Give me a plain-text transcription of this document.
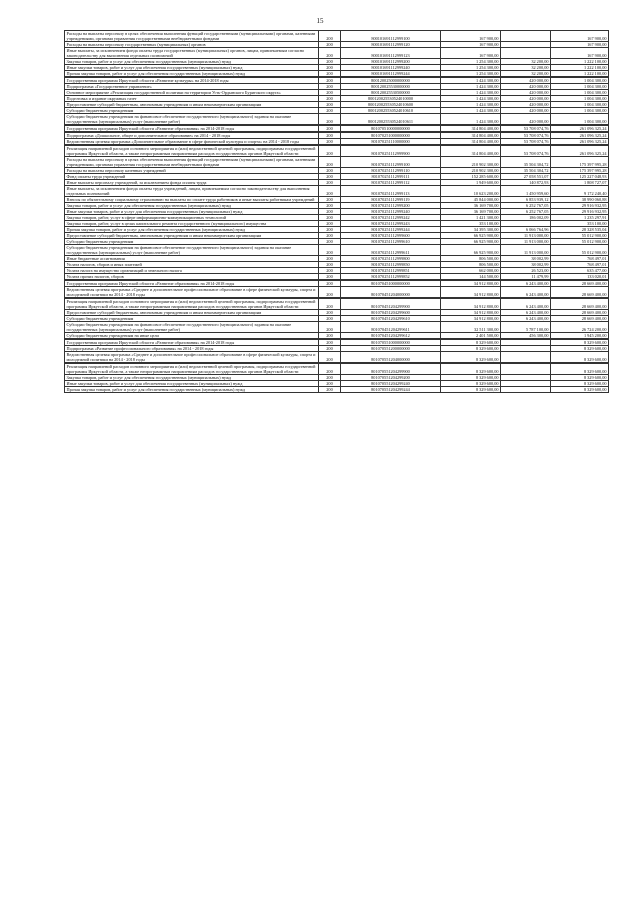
15
Расходы на выплаты персоналу в целях обеспечения выполнения функций государственными (муниципальными) органами, казенными учреждениями, органами управления государственными внебюджетными фондами	200	800101691112999100	167 900,00		167 900,00
Расходы на выплаты персоналу государственных (муниципальных) органов	200	800101691112999120	167 900,00		167 900,00
Иные выплаты, за исключением фонда оплаты труда государственных (муниципальных) органов, лицам, привлекаемым согласно законодательству для выполнения отдельных полномочий	200	800101691112999123	167 900,00		167 900,00
Закупка товаров, работ и услуг для обеспечения государственных (муниципальных) нужд	200	800101691112999200	1 254 300,00	32 200,00	1 222 100,00
Иные закупки товаров, работ и услуг для обеспечения государственных (муниципальных) нужд	200	800101691112999240	1 254 300,00	32 200,00	1 222 100,00
Прочая закупка товаров, работ и услуг для обеспечения государственных (муниципальных) нужд	200	800101691112999244	1 254 300,00	32 200,00	1 222 100,00

Государственная программа Иркутской области «Развитие культуры» на 2014-2018 годы	200	800120025000000000	1 424 300,00	420 000,00	1 004 300,00
Подпрограмма «Государственное управление»	200	800120025530000000	1 424 300,00	420 000,00	1 004 300,00
Основное мероприятие «Реализация государственной политики на территории Усть-Ордынского Бурятского округа»	200	800120025530500000	1 424 300,00	420 000,00	1 004 300,00
Подготовка и издание окружных газет	200	800120025530524010000	1 424 300,00	420 000,00	1 004 300,00
Предоставление субсидий бюджетным, автономным учреждениям и иным некоммерческим организациям	200	800120025530524010600	1 424 300,00	420 000,00	1 004 300,00
Субсидии бюджетным учреждениям	200	800120025530524010610	1 424 300,00	420 000,00	1 004 300,00
Субсидии бюджетным учреждениям на финансовое обеспечение государственного (муниципального) задания на оказание государственных (муниципальных) услуг (выполнение работ)	200	800120025530524010611	1 424 300,00	420 000,00	1 004 300,00

Государственная программа Иркутской области «Развитие образования» на 2014-2018 годы	200	801070510000000000	314 804 400,00	53 708 074,76	261 096 325,24

Подпрограмма «Дошкольное, общее и дополнительное образование» на 2014 - 2018 годы	200	801070251000000000	314 804 400,00	53 708 074,76	261 096 325,24
Ведомственная целевая программа «Дополнительное образование в сфере физической культуры и спорта» на 2014 - 2018 годы	200	801070251110000000	314 804 400,00	53 708 074,76	261 096 325,24

Реализация направлений расходов основного мероприятия и (или) ведомственной целевой программы, подпрограммы государственной программы Иркутской области, а также непрограммным направлениям расходов государственных органов Иркутской области	200	801070251112999900	314 804 400,00	53 708 074,76	261 096 325,24
Расходы на выплаты персоналу в целях обеспечения выполнения функций государственными (муниципальными) органами, казенными учреждениями, органами управления государственными внебюджетными фондами	200	801070251112999100	210 902 300,00	35 504 304,72	175 397 995,28
Расходы на выплаты персоналу казенных учреждений	200	801070251112999110	210 902 300,00	35 504 304,72	175 397 995,28
Фонд оплаты труда учреждений	200	801070251112999111	152 285 600,00	27 058 551,07	125 227 048,93
Иные выплаты персоналу учреждений, за исключением фонда оплаты труда	200	801070251112999112	1 949 600,00	140 872,93	1 808 727,07
Иные выплаты, за исключением фонда оплаты труда учреждений, лицам, привлекаемым согласно законодательству для выполнения отдельных полномочий	200	801070251112999113	10 623 200,00	1 450 959,60	9 172 240,40
Взносы по обязательному социальному страхованию на выплаты по оплате труда работников и иные выплаты работникам учреждений	200	801070251112999119	45 844 000,00	6 853 939,12	38 990 060,88
Закупка товаров, работ и услуг для обеспечения государственных (муниципальных) нужд	200	801070251112999200	36 169 700,00	6 252 767,05	29 916 932,95
Иные закупки товаров, работ и услуг для обеспечения государственных (муниципальных) нужд	200	801070251112999240	36 169 700,00	6 252 767,05	29 916 932,95
Закупка товаров, работ, услуг в сфере информационно-коммуникационных технологий	200	801070251112999242	1 421 300,00	186 002,09	1 235 297,91
Закупка товаров, работ, услуг в целях капитального ремонта государственного (муниципального) имущества	200	801070251112999243	353 100,00		353 100,00
Прочая закупка товаров, работ и услуг для обеспечения государственных (муниципальных) нужд	200	801070251112999244	34 395 300,00	6 066 764,96	28 328 535,04
Предоставление субсидий бюджетным, автономным учреждениям и иным некоммерческим организациям	200	801070251112999600	66 925 900,00	11 913 000,00	55 012 900,00
Субсидии бюджетным учреждениям	200	801070251112999610	66 925 900,00	11 913 000,00	55 012 900,00
Субсидии бюджетным учреждениям на финансовое обеспечение государственного (муниципального) задания на оказание государственных (муниципальных) услуг (выполнение работ)	200	801070251112999611	66 925 900,00	11 913 000,00	55 012 900,00
Иные бюджетные ассигнования	200	801070251112999800	806 500,00	38 002,99	768 497,01
Уплата налогов, сборов и иных платежей	200	801070251112999850	806 500,00	38 002,99	768 497,01
Уплата налога на имущество организаций и земельного налога	200	801070251112999851	662 000,00	26 523,00	635 477,00
Уплата прочих налогов, сборов	200	801070251112999852	144 500,00	11 479,99	133 020,01

Государственная программа Иркутской области «Развитие образования» на 2014-2018 годы	200	801070451000000000	34 912 800,00	6 243 400,00	28 669 400,00
Ведомственная целевая программа «Среднее и дополнительное профессиональное образование в сфере физической культуры, спорта и молодежной политики на 2014 - 2018 годы	200	801070451204000000	34 912 800,00	6 243 400,00	28 669 400,00

Реализация направлений расходов основного мероприятия и (или) ведомственной целевой программы, подпрограммы государственной программы Иркутской области, а также непрограммным направлениям расходов государственных органов Иркутской области	200	801070451204299900	34 912 800,00	6 243 400,00	28 669 400,00
Предоставление субсидий бюджетным, автономным учреждениям и иным некоммерческим организациям	200	801070451204299600	34 912 800,00	6 243 400,00	28 669 400,00
Субсидии бюджетным учреждениям	200	801070451204299610	34 912 800,00	6 243 400,00	28 669 400,00
Субсидии бюджетным учреждениям на финансовое обеспечение государственного (муниципального) задания на оказание государственных (муниципальных) услуг (выполнение работ)	200	801070451204299611	32 511 300,00	5 787 100,00	26 724 200,00
Субсидии бюджетным учреждениям на иные цели	200	801070451204299612	2 401 500,00	456 300,00	1 945 200,00

Государственная программа Иркутской области «Развитие образования» на 2014-2018 годы	200	801070551000000000	8 329 600,00		8 329 600,00
Подпрограмма «Развитие профессионального образования» на 2014 - 2018 годы	200	801070551200000000	8 329 600,00		8 329 600,00
Ведомственная целевая программа «Среднее и дополнительное профессиональное образование в сфере физической культуры, спорта и молодежной политики на 2014 - 2018 годы	200	801070551204000000	8 329 600,00		8 329 600,00

Реализация направлений расходов основного мероприятия и (или) ведомственной целевой программы, подпрограммы государственной программы Иркутской области, а также непрограммным направлениям расходов государственных органов Иркутской области	200	801070551204299900	8 329 600,00		8 329 600,00
Закупка товаров, работ и услуг для обеспечения государственных (муниципальных) нужд	200	801070551204299200	8 329 600,00		8 329 600,00
Иные закупки товаров, работ и услуг для обеспечения государственных (муниципальных) нужд	200	801070551204299240	8 329 600,00		8 329 600,00
Прочая закупка товаров, работ и услуг для обеспечения государственных (муниципальных) нужд	200	801070551204299244	8 329 600,00		8 329 600,00
